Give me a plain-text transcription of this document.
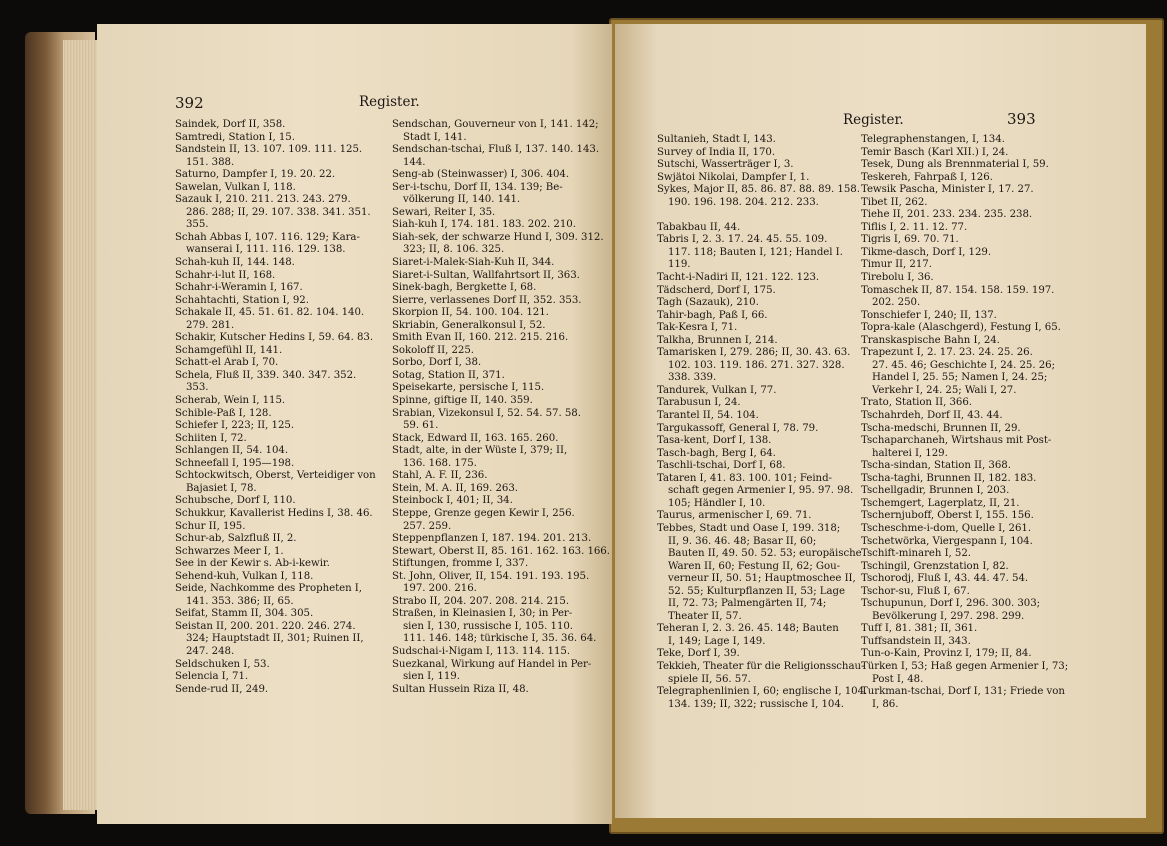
392	Register.
Saindek, Dorf II, 358.
Samtredi, Station I, 15.
Sandstein II, 13. 107. 109. 111. 125.
151. 388.
Saturno, Dampfer I, 19. 20. 22.
Sawelan, Vulkan I, 118.
Sazauk I, 210. 211. 213. 243. 279.
286. 288; II, 29. 107. 338. 341. 351.
355.
Schah Abbas I, 107. 116. 129; Kara-
wanserai I, 111. 116. 129. 138.
Schah-kuh II, 144. 148.
Schahr-i-lut II, 168.
Schahr-i-Weramin I, 167.
Schahtachti, Station I, 92.
Schakale II, 45. 51. 61. 82. 104. 140.
279. 281.
Schakir, Kutscher Hedins I, 59. 64. 83.
Schamgefühl II, 141.
Schatt-el Arab I, 70.
Schela, Fluß II, 339. 340. 347. 352.
353.
Scherab, Wein I, 115.
Schible-Paß I, 128.
Schiefer I, 223; II, 125.
Schiiten I, 72.
Schlangen II, 54. 104.
Schneefall I, 195—198.
Schtockwitsch, Oberst, Verteidiger von
Bajasiet I, 78.
Schubsche, Dorf I, 110.
Schukkur, Kavallerist Hedins I, 38. 46.
Schur II, 195.
Schur-ab, Salzfluß II, 2.
Schwarzes Meer I, 1.
See in der Kewir s. Ab-i-kewir.
Sehend-kuh, Vulkan I, 118.
Seide, Nachkomme des Propheten I,
141. 353. 386; II, 65.
Seifat, Stamm II, 304. 305.
Seistan II, 200. 201. 220. 246. 274.
324; Hauptstadt II, 301; Ruinen II,
247. 248.
Seldschuken I, 53.
Selencia I, 71.
Sende-rud II, 249.
Sendschan, Gouverneur von I, 141. 142;
Stadt I, 141.
Sendschan-tschai, Fluß I, 137. 140. 143.
144.
Seng-ab (Steinwasser) I, 306. 404.
Ser-i-tschu, Dorf II, 134. 139; Be-
völkerung II, 140. 141.
Sewari, Reiter I, 35.
Siah-kuh I, 174. 181. 183. 202. 210.
Siah-sek, der schwarze Hund I, 309. 312.
323; II, 8. 106. 325.
Siaret-i-Malek-Siah-Kuh II, 344.
Siaret-i-Sultan, Wallfahrtsort II, 363.
Sinek-bagh, Bergkette I, 68.
Sierre, verlassenes Dorf II, 352. 353.
Skorpion II, 54. 100. 104. 121.
Skriabin, Generalkonsul I, 52.
Smith Evan II, 160. 212. 215. 216.
Sokoloff II, 225.
Sorbo, Dorf I, 38.
Sotag, Station II, 371.
Speisekarte, persische I, 115.
Spinne, giftige II, 140. 359.
Srabian, Vizekonsul I, 52. 54. 57. 58.
59. 61.
Stack, Edward II, 163. 165. 260.
Stadt, alte, in der Wüste I, 379; II,
136. 168. 175.
Stahl, A. F. II, 236.
Stein, M. A. II, 169. 263.
Steinbock I, 401; II, 34.
Steppe, Grenze gegen Kewir I, 256.
257. 259.
Steppenpflanzen I, 187. 194. 201. 213.
Stewart, Oberst II, 85. 161. 162. 163. 166.
Stiftungen, fromme I, 337.
St. John, Oliver, II, 154. 191. 193. 195.
197. 200. 216.
Strabo II, 204. 207. 208. 214. 215.
Straßen, in Kleinasien I, 30; in Per-
sien I, 130, russische I, 105. 110.
111. 146. 148; türkische I, 35. 36. 64.
Sudschai-i-Nigam I, 113. 114. 115.
Suezkanal, Wirkung auf Handel in Per-
sien I, 119.
Sultan Hussein Riza II, 48.
Register.	393
Sultanieh, Stadt I, 143.
Survey of India II, 170.
Sutschi, Wasserträger I, 3.
Swjätoi Nikolai, Dampfer I, 1.
Sykes, Major II, 85. 86. 87. 88. 89. 158.
190. 196. 198. 204. 212. 233.

Tabakbau II, 44.
Tabris I, 2. 3. 17. 24. 45. 55. 109.
117. 118; Bauten I, 121; Handel I.
119.
Tacht-i-Nadiri II, 121. 122. 123.
Tädscherd, Dorf I, 175.
Tagh (Sazauk), 210.
Tahir-bagh, Paß I, 66.
Tak-Kesra I, 71.
Talkha, Brunnen I, 214.
Tamarisken I, 279. 286; II, 30. 43. 63.
102. 103. 119. 186. 271. 327. 328.
338. 339.
Tandurek, Vulkan I, 77.
Tarabusun I, 24.
Tarantel II, 54. 104.
Targukassoff, General I, 78. 79.
Tasa-kent, Dorf I, 138.
Tasch-bagh, Berg I, 64.
Taschli-tschai, Dorf I, 68.
Tataren I, 41. 83. 100. 101; Feind-
schaft gegen Armenier I, 95. 97. 98.
105; Händler I, 10.
Taurus, armenischer I, 69. 71.
Tebbes, Stadt und Oase I, 199. 318;
II, 9. 36. 46. 48; Basar II, 60;
Bauten II, 49. 50. 52. 53; europäische
Waren II, 60; Festung II, 62; Gou-
verneur II, 50. 51; Hauptmoschee II,
52. 55; Kulturpflanzen II, 53; Lage
II, 72. 73; Palmengärten II, 74;
Theater II, 57.
Teheran I, 2. 3. 26. 45. 148; Bauten
I, 149; Lage I, 149.
Teke, Dorf I, 39.
Tekkieh, Theater für die Religionsschau-
spiele II, 56. 57.
Telegraphenlinien I, 60; englische I, 104.
134. 139; II, 322; russische I, 104.
Telegraphenstangen, I, 134.
Temir Basch (Karl XII.) I, 24.
Tesek, Dung als Brennmaterial I, 59.
Teskereh, Fahrpaß I, 126.
Tewsik Pascha, Minister I, 17. 27.
Tibet II, 262.
Tiehe II, 201. 233. 234. 235. 238.
Tiflis I, 2. 11. 12. 77.
Tigris I, 69. 70. 71.
Tikme-dasch, Dorf I, 129.
Timur II, 217.
Tirebolu I, 36.
Tomaschek II, 87. 154. 158. 159. 197.
202. 250.
Tonschiefer I, 240; II, 137.
Topra-kale (Alaschgerd), Festung I, 65.
Transkaspische Bahn I, 24.
Trapezunt I, 2. 17. 23. 24. 25. 26.
27. 45. 46; Geschichte I, 24. 25. 26;
Handel I, 25. 55; Namen I, 24. 25;
Verkehr I, 24. 25; Wali I, 27.
Trato, Station II, 366.
Tschahrdeh, Dorf II, 43. 44.
Tscha-medschi, Brunnen II, 29.
Tschaparchaneh, Wirtshaus mit Post-
halterei I, 129.
Tscha-sindan, Station II, 368.
Tscha-taghi, Brunnen II, 182. 183.
Tschellgadir, Brunnen I, 203.
Tschemgert, Lagerplatz, II, 21.
Tschernjuboff, Oberst I, 155. 156.
Tscheschme-i-dom, Quelle I, 261.
Tschetwörka, Viergespann I, 104.
Tschift-minareh I, 52.
Tschingil, Grenzstation I, 82.
Tschorodj, Fluß I, 43. 44. 47. 54.
Tschor-su, Fluß I, 67.
Tschupunun, Dorf I, 296. 300. 303;
Bevölkerung I, 297. 298. 299.
Tuff I, 81. 381; II, 361.
Tuffsandstein II, 343.
Tun-o-Kain, Provinz I, 179; II, 84.
Türken I, 53; Haß gegen Armenier I, 73;
Post I, 48.
Turkman-tschai, Dorf I, 131; Friede von
I, 86.
